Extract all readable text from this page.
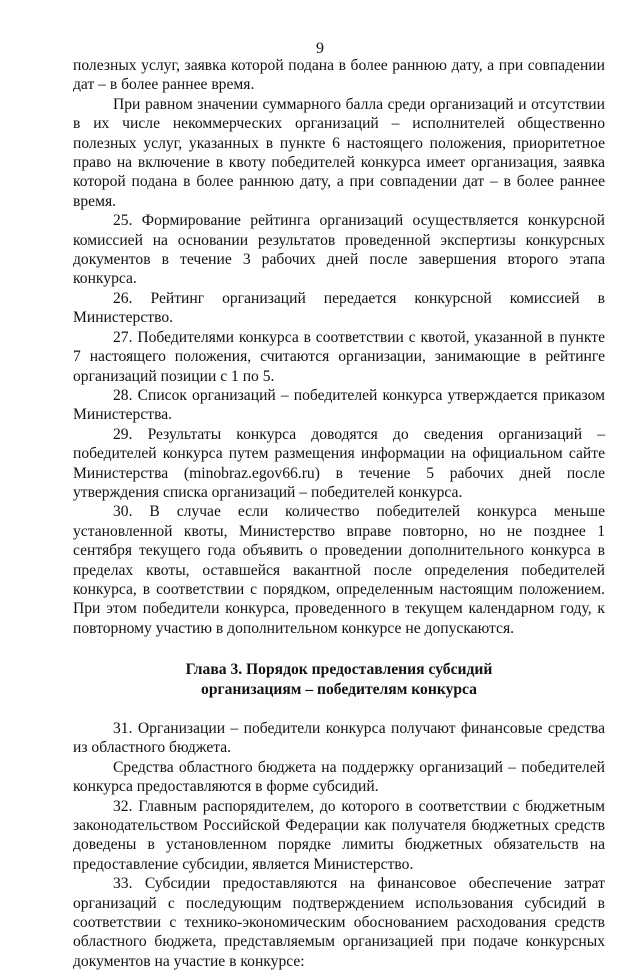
9

полезных услуг, заявка которой подана в более раннюю дату, а при совпадении дат – в более раннее время.

При равном значении суммарного балла среди организаций и отсутствии в их числе некоммерческих организаций – исполнителей общественно полезных услуг, указанных в пункте 6 настоящего положения, приоритетное право на включение в квоту победителей конкурса имеет организация, заявка которой подана в более раннюю дату, а при совпадении дат – в более раннее время.

25. Формирование рейтинга организаций осуществляется конкурсной комиссией на основании результатов проведенной экспертизы конкурсных документов в течение 3 рабочих дней после завершения второго этапа конкурса.

26. Рейтинг организаций передается конкурсной комиссией в Министерство.

27. Победителями конкурса в соответствии с квотой, указанной в пункте 7 настоящего положения, считаются организации, занимающие в рейтинге организаций позиции с 1 по 5.

28. Список организаций – победителей конкурса утверждается приказом Министерства.

29. Результаты конкурса доводятся до сведения организаций – победителей конкурса путем размещения информации на официальном сайте Министерства (minobraz.egov66.ru) в течение 5 рабочих дней после утверждения списка организаций – победителей конкурса.

30. В случае если количество победителей конкурса меньше установленной квоты, Министерство вправе повторно, но не позднее 1 сентября текущего года объявить о проведении дополнительного конкурса в пределах квоты, оставшейся вакантной после определения победителей конкурса, в соответствии с порядком, определенным настоящим положением. При этом победители конкурса, проведенного в текущем календарном году, к повторному участию в дополнительном конкурсе не допускаются.

Глава 3. Порядок предоставления субсидий
организациям – победителям конкурса

31. Организации – победители конкурса получают финансовые средства из областного бюджета.

Средства областного бюджета на поддержку организаций – победителей конкурса предоставляются в форме субсидий.

32. Главным распорядителем, до которого в соответствии с бюджетным законодательством Российской Федерации как получателя бюджетных средств доведены в установленном порядке лимиты бюджетных обязательств на предоставление субсидии, является Министерство.

33. Субсидии предоставляются на финансовое обеспечение затрат организаций с последующим подтверждением использования субсидий в соответствии с технико-экономическим обоснованием расходования средств областного бюджета, представляемым организацией при подаче конкурсных документов на участие в конкурсе:
